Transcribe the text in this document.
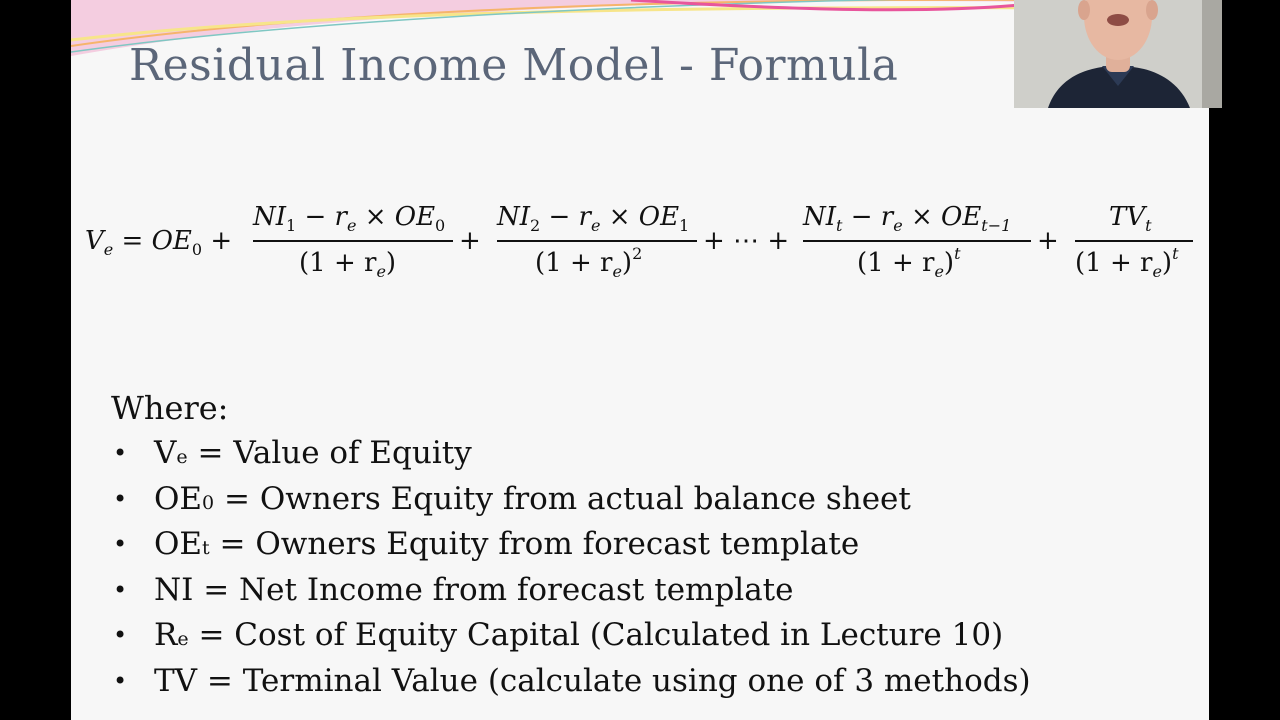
Residual Income Model - Formula
$V_e = OE_0$ +
$NI_1 - r_e \times OE_0$
$(1 + r_e)$
+
$NI_2 - r_e \times OE_1$
$(1 + r_e)^2$ + ⋯ +
$NI_t - r_e \times OE_{t-1}$
$(1 + r_e)^t$	+
$TV_t$
$(1 + r_e)^t$
Where:
• Ve = Value of Equity
• OE0 = Owners Equity from actual balance sheet
• OEt = Owners Equity from forecast template
• NI = Net Income from forecast template
• Re = Cost of Equity Capital (Calculated in Lecture 10)
• TV = Terminal Value (calculate using one of 3 methods)
